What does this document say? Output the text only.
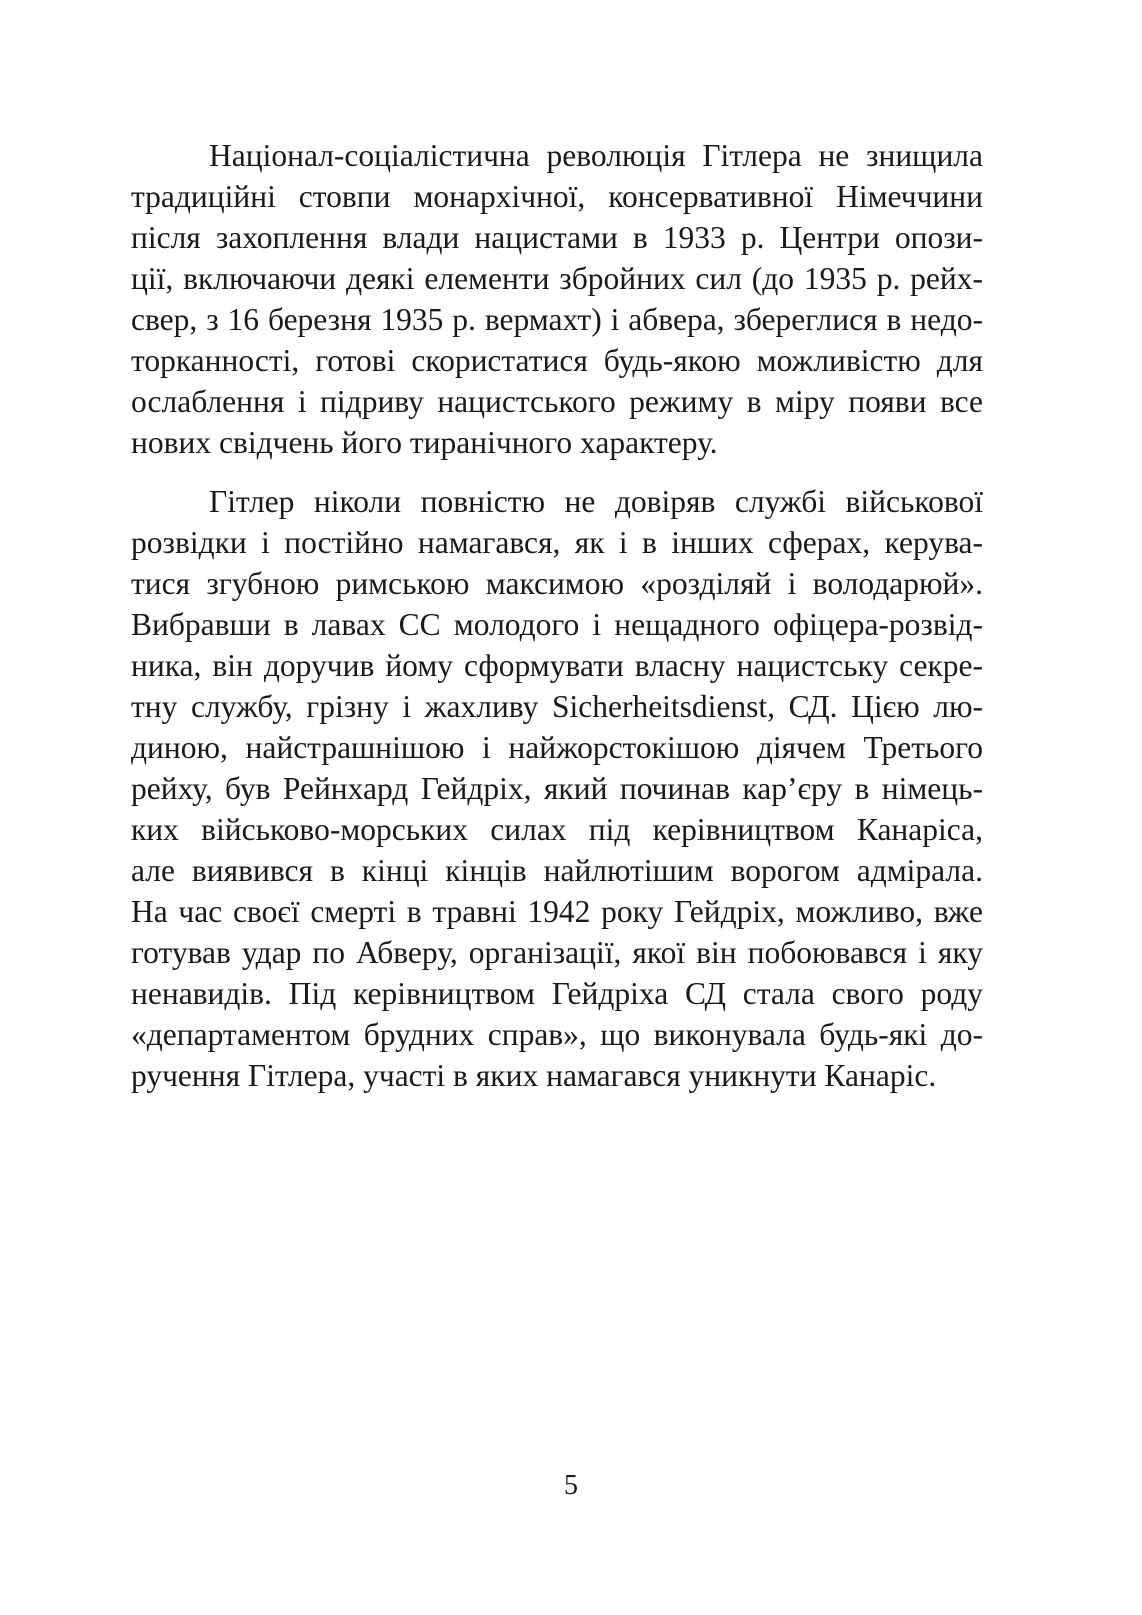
Націонал-соціалістична революція Гітлера не знищила
традиційні стовпи монархічної, консервативної Німеччини
після захоплення влади нацистами в 1933 р. Центри опози-
ції, включаючи деякі елементи збройних сил (до 1935 р. рейх-
свер, з 16 березня 1935 р. вермахт) і абвера, збереглися в недо-
торканності, готові скористатися будь-якою можливістю для
ослаблення і підриву нацистського режиму в міру появи все
нових свідчень його тиранічного характеру.
Гітлер ніколи повністю не довіряв службі військової
розвідки і постійно намагався, як і в інших сферах, керува-
тися згубною римською максимою «розділяй і володарюй».
Вибравши в лавах СС молодого і нещадного офіцера-розвід-
ника, він доручив йому сформувати власну нацистську секре-
тну службу, грізну і жахливу Sicherheitsdienst, СД. Цією лю-
диною, найстрашнішою і найжорстокішою діячем Третього
рейху, був Рейнхард Гейдріх, який починав кар’єру в німець-
ких військово-морських силах під керівництвом Канаріса,
але виявився в кінці кінців найлютішим ворогом адмірала.
На час своєї смерті в травні 1942 року Гейдріх, можливо, вже
готував удар по Абверу, організації, якої він побоювався і яку
ненавидів. Під керівництвом Гейдріха СД стала свого роду
«департаментом брудних справ», що виконувала будь-які до-
ручення Гітлера, участі в яких намагався уникнути Канаріс.
5
